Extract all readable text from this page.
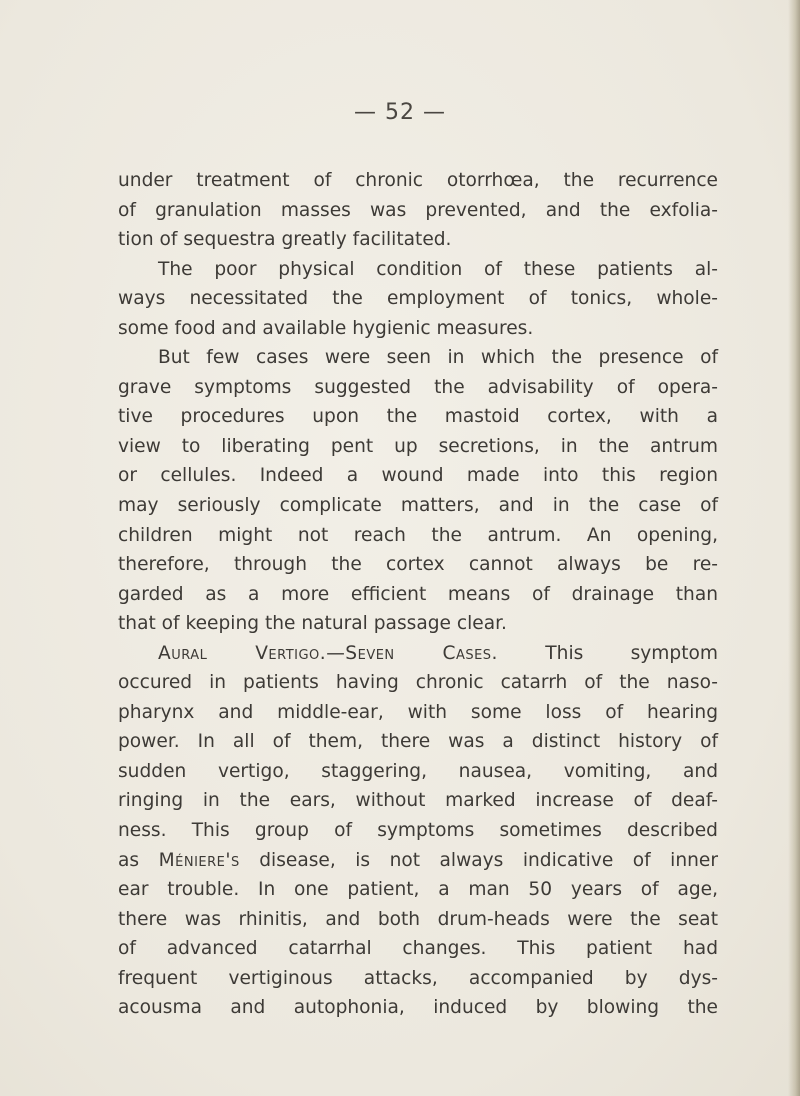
— 52 —
under treatment of chronic otorrhœa, the recurrence
of granulation masses was prevented, and the exfolia-
tion of sequestra greatly facilitated.
The poor physical condition of these patients al-
ways necessitated the employment of tonics, whole-
some food and available hygienic measures.
But few cases were seen in which the presence of
grave symptoms suggested the advisability of opera-
tive procedures upon the mastoid cortex, with a
view to liberating pent up secretions, in the antrum
or cellules. Indeed a wound made into this region
may seriously complicate matters, and in the case of
children might not reach the antrum. An opening,
therefore, through the cortex cannot always be re-
garded as a more efficient means of drainage than
that of keeping the natural passage clear.
Aural Vertigo.—Seven Cases.	This symptom
occured in patients having chronic catarrh of the naso-
pharynx and middle-ear, with some loss of hearing
power. In all of them, there was a distinct history of
sudden vertigo, staggering, nausea, vomiting, and
ringing in the ears, without marked increase of deaf-
ness. This group of symptoms sometimes described
as Méniere's disease, is not always indicative of inner
ear trouble. In one patient, a man 50 years of age,
there was rhinitis, and both drum-heads were the seat
of advanced catarrhal changes. This patient had
frequent vertiginous attacks, accompanied by dys-
acousma and autophonia, induced by blowing the
